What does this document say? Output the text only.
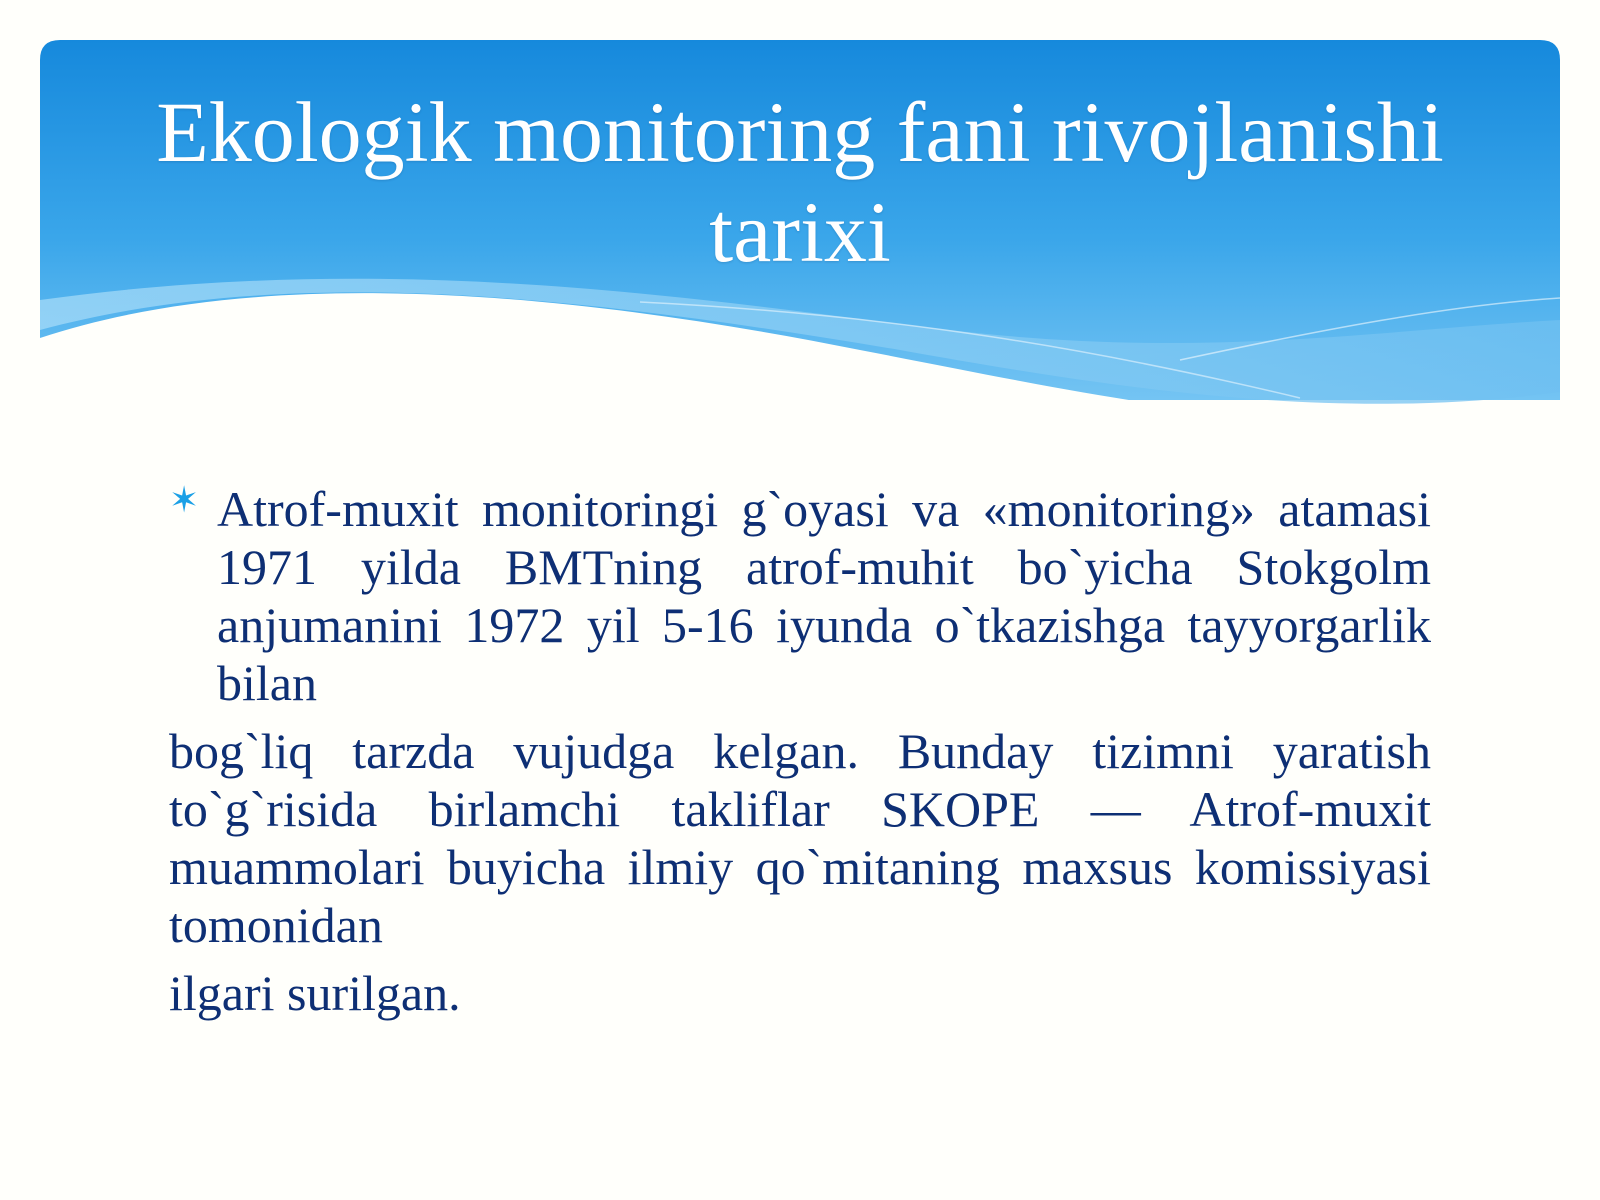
Ekologik monitoring fani rivojlanishi tarixi

✶ Atrof-muxit monitoringi g`oyasi va «monitoring» atamasi 1971 yilda BMTning atrof-muhit bo`yicha Stokgolm anjumanini 1972 yil 5-16 iyunda o`tkazishga tayyorgarlik bilan

bog`liq tarzda vujudga kelgan. Bunday tizimni yaratish to`g`risida birlamchi takliflar SKOPE — Atrof-muxit muammolari buyicha ilmiy qo`mitaning maxsus komissiyasi tomonidan

ilgari surilgan.
